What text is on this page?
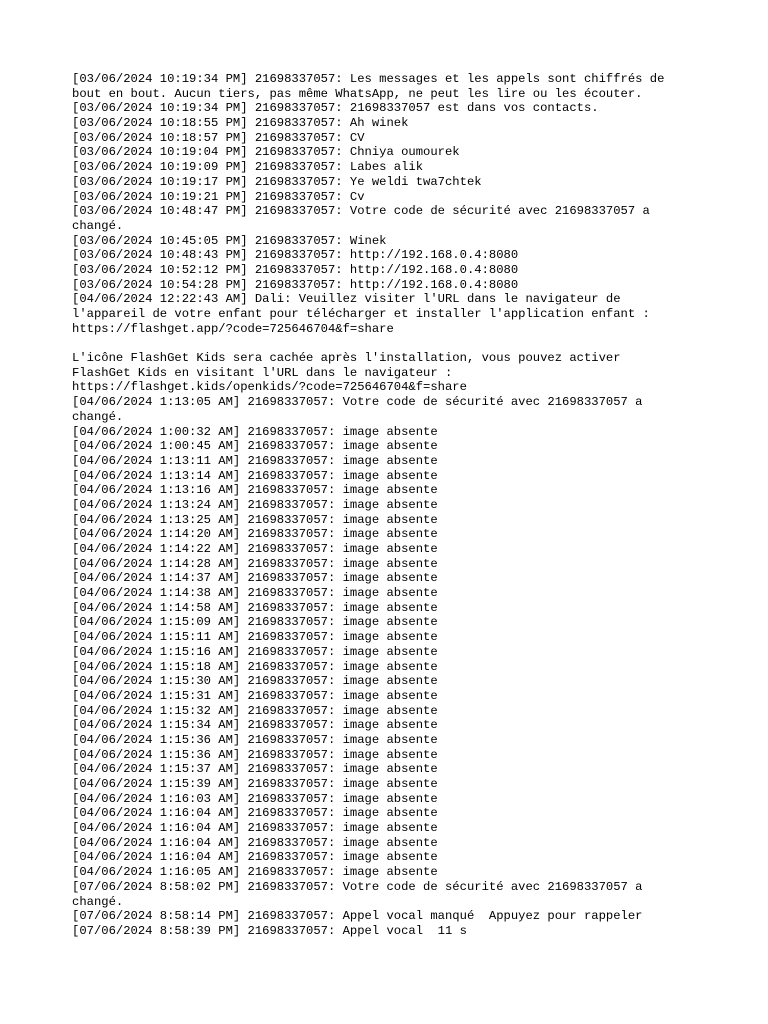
[03/06/2024 10:19:34 PM] 21698337057: Les messages et les appels sont chiffrés de
bout en bout. Aucun tiers, pas même WhatsApp, ne peut les lire ou les écouter.
[03/06/2024 10:19:34 PM] 21698337057: 21698337057 est dans vos contacts.
[03/06/2024 10:18:55 PM] 21698337057: Ah winek
[03/06/2024 10:18:57 PM] 21698337057: CV
[03/06/2024 10:19:04 PM] 21698337057: Chniya oumourek
[03/06/2024 10:19:09 PM] 21698337057: Labes alik
[03/06/2024 10:19:17 PM] 21698337057: Ye weldi twa7chtek
[03/06/2024 10:19:21 PM] 21698337057: Cv
[03/06/2024 10:48:47 PM] 21698337057: Votre code de sécurité avec 21698337057 a
changé.
[03/06/2024 10:45:05 PM] 21698337057: Winek
[03/06/2024 10:48:43 PM] 21698337057: http://192.168.0.4:8080
[03/06/2024 10:52:12 PM] 21698337057: http://192.168.0.4:8080
[03/06/2024 10:54:28 PM] 21698337057: http://192.168.0.4:8080
[04/06/2024 12:22:43 AM] Dali: Veuillez visiter l'URL dans le navigateur de
l'appareil de votre enfant pour télécharger et installer l'application enfant :
https://flashget.app/?code=725646704&f=share
L'icône FlashGet Kids sera cachée après l'installation, vous pouvez activer
FlashGet Kids en visitant l'URL dans le navigateur :
https://flashget.kids/openkids/?code=725646704&f=share
[04/06/2024 1:13:05 AM] 21698337057: Votre code de sécurité avec 21698337057 a
changé.
[04/06/2024 1:00:32 AM] 21698337057: image absente
[04/06/2024 1:00:45 AM] 21698337057: image absente
[04/06/2024 1:13:11 AM] 21698337057: image absente
[04/06/2024 1:13:14 AM] 21698337057: image absente
[04/06/2024 1:13:16 AM] 21698337057: image absente
[04/06/2024 1:13:24 AM] 21698337057: image absente
[04/06/2024 1:13:25 AM] 21698337057: image absente
[04/06/2024 1:14:20 AM] 21698337057: image absente
[04/06/2024 1:14:22 AM] 21698337057: image absente
[04/06/2024 1:14:28 AM] 21698337057: image absente
[04/06/2024 1:14:37 AM] 21698337057: image absente
[04/06/2024 1:14:38 AM] 21698337057: image absente
[04/06/2024 1:14:58 AM] 21698337057: image absente
[04/06/2024 1:15:09 AM] 21698337057: image absente
[04/06/2024 1:15:11 AM] 21698337057: image absente
[04/06/2024 1:15:16 AM] 21698337057: image absente
[04/06/2024 1:15:18 AM] 21698337057: image absente
[04/06/2024 1:15:30 AM] 21698337057: image absente
[04/06/2024 1:15:31 AM] 21698337057: image absente
[04/06/2024 1:15:32 AM] 21698337057: image absente
[04/06/2024 1:15:34 AM] 21698337057: image absente
[04/06/2024 1:15:36 AM] 21698337057: image absente
[04/06/2024 1:15:36 AM] 21698337057: image absente
[04/06/2024 1:15:37 AM] 21698337057: image absente
[04/06/2024 1:15:39 AM] 21698337057: image absente
[04/06/2024 1:16:03 AM] 21698337057: image absente
[04/06/2024 1:16:04 AM] 21698337057: image absente
[04/06/2024 1:16:04 AM] 21698337057: image absente
[04/06/2024 1:16:04 AM] 21698337057: image absente
[04/06/2024 1:16:04 AM] 21698337057: image absente
[04/06/2024 1:16:05 AM] 21698337057: image absente
[07/06/2024 8:58:02 PM] 21698337057: Votre code de sécurité avec 21698337057 a
changé.
[07/06/2024 8:58:14 PM] 21698337057: Appel vocal manqué  Appuyez pour rappeler
[07/06/2024 8:58:39 PM] 21698337057: Appel vocal  11 s
